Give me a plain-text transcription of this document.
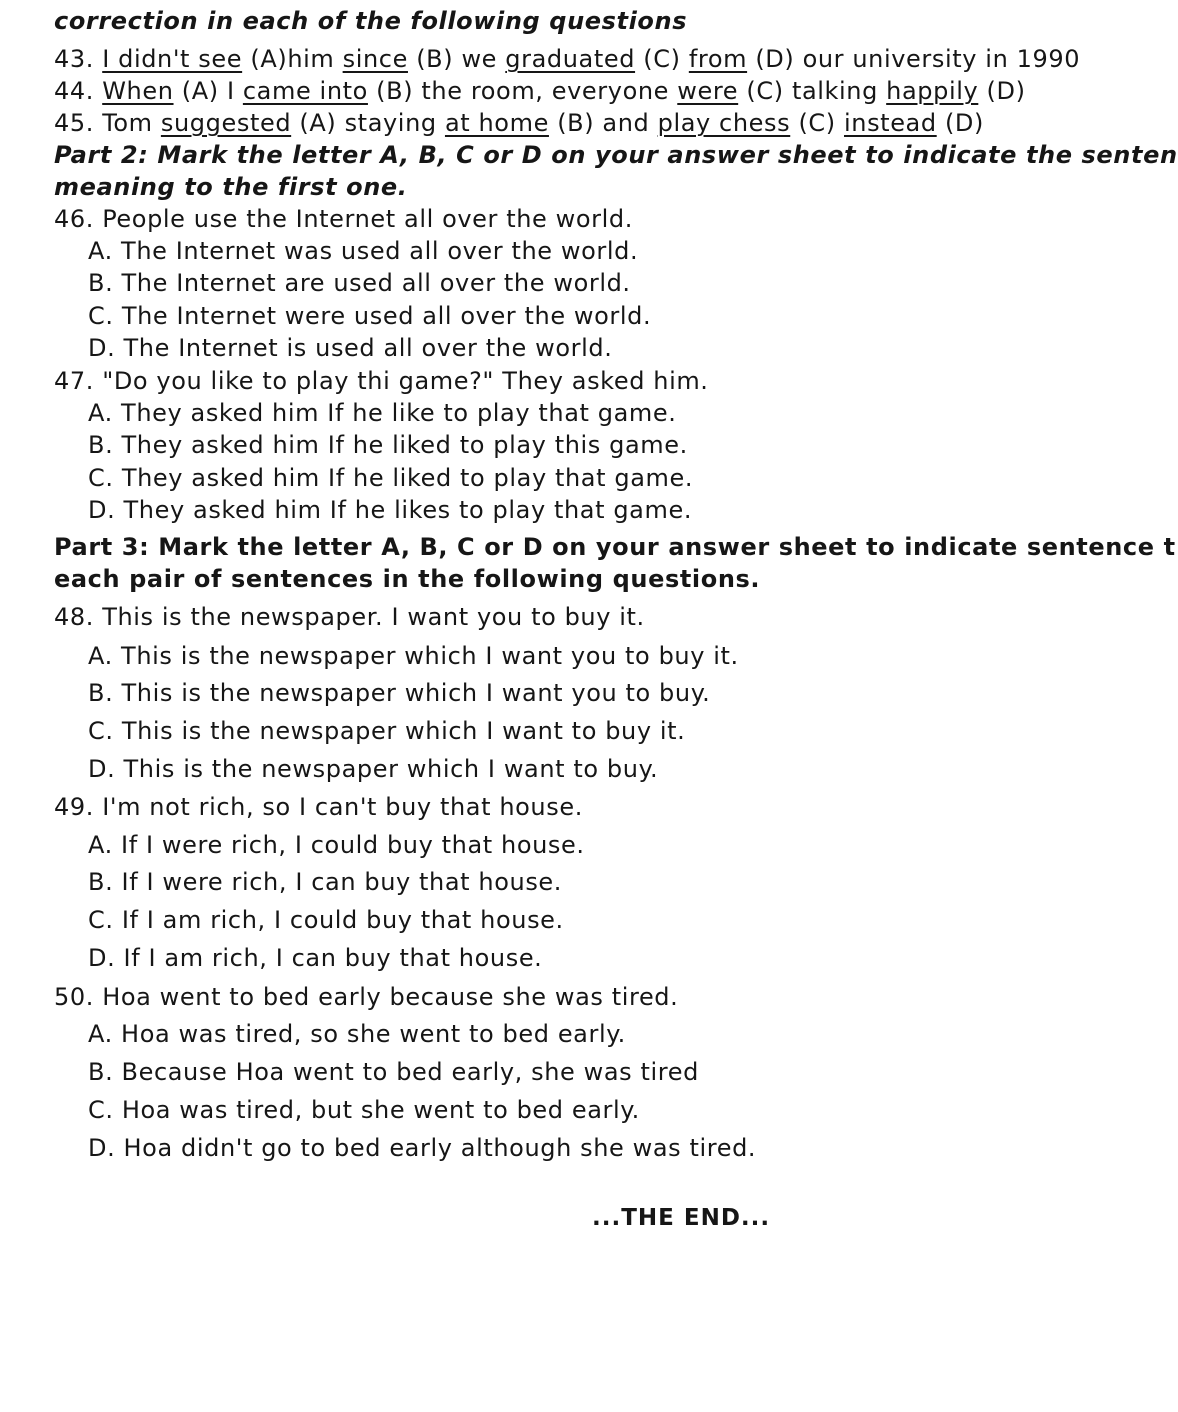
correction in each of the following questions
43. I didn't see (A)him since (B) we graduated (C) from (D) our university in 1990
44. When (A) I came into (B) the room, everyone were (C) talking happily (D)
45. Tom suggested (A) staying at home (B) and play chess (C) instead (D)
Part 2: Mark the letter A, B, C or D on your answer sheet to indicate the senten
meaning to the first one.
46. People use the Internet all over the world.
A. The Internet was used all over the world.
B. The Internet are used all over the world.
C. The Internet were used all over the world.
D. The Internet is used all over the world.
47. "Do you like to play thi game?" They asked him.
A. They asked him If he like to play that game.
B. They asked him If he liked to play this game.
C. They asked him If he liked to play that game.
D. They asked him If he likes to play that game.
Part 3: Mark the letter A, B, C or D on your answer sheet to indicate sentence t
each pair of sentences in the following questions.
48. This is the newspaper. I want you to buy it.
A. This is the newspaper which I want you to buy it.
B. This is the newspaper which I want you to buy.
C. This is the newspaper which I want to buy it.
D. This is the newspaper which I want to buy.
49. I'm not rich, so I can't buy that house.
A. If I were rich, I could buy that house.
B. If I were rich, I can buy that house.
C. If I am rich, I could buy that house.
D. If I am rich, I can buy that house.
50. Hoa went to bed early because she was tired.
A. Hoa was tired, so she went to bed early.
B. Because Hoa went to bed early, she was tired
C. Hoa was tired, but she went to bed early.
D. Hoa didn't go to bed early although she was tired.
...THE END...
